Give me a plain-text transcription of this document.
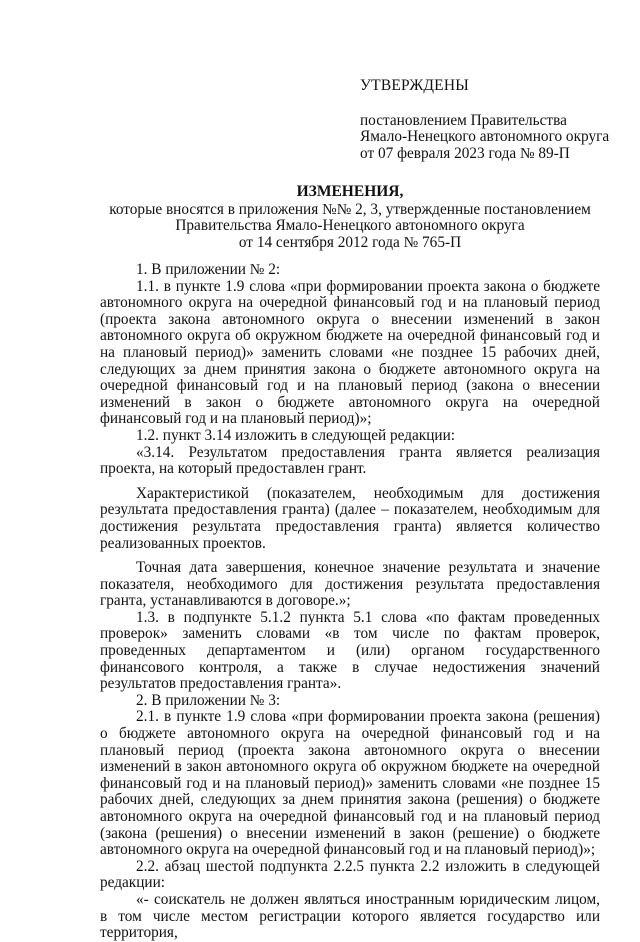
УТВЕРЖДЕНЫ
постановлением Правительства
Ямало-Ненецкого автономного округа
от 07 февраля 2023 года № 89-П
ИЗМЕНЕНИЯ,
которые вносятся в приложения №№ 2, 3, утвержденные постановлением
Правительства Ямало-Ненецкого автономного округа
от 14 сентября 2012 года № 765-П

1. В приложении № 2:

1.1. в пункте 1.9 слова «при формировании проекта закона о бюджете автономного округа на очередной финансовый год и на плановый период (проекта закона автономного округа о внесении изменений в закон автономного округа об окружном бюджете на очередной финансовый год и на плановый период)» заменить словами «не позднее 15 рабочих дней, следующих за днем принятия закона о бюджете автономного округа на очередной финансовый год и на плановый период (закона о внесении изменений в закон о бюджете автономного округа на очередной финансовый год и на плановый период)»;

1.2. пункт 3.14 изложить в следующей редакции:

«3.14. Результатом предоставления гранта является реализация проекта, на который предоставлен грант.

Характеристикой (показателем, необходимым для достижения результата предоставления гранта) (далее – показателем, необходимым для достижения результата предоставления гранта) является количество реализованных проектов.

Точная дата завершения, конечное значение результата и значение показателя, необходимого для достижения результата предоставления гранта, устанавливаются в договоре.»;

1.3. в подпункте 5.1.2 пункта 5.1 слова «по фактам проведенных проверок» заменить словами «в том числе по фактам проверок, проведенных департаментом и (или) органом государственного финансового контроля, а также в случае недостижения значений результатов предоставления гранта».

2. В приложении № 3:

2.1. в пункте 1.9 слова «при формировании проекта закона (решения) о бюджете автономного округа на очередной финансовый год и на плановый период (проекта закона автономного округа о внесении изменений в закон автономного округа об окружном бюджете на очередной финансовый год и на плановый период)» заменить словами «не позднее 15 рабочих дней, следующих за днем принятия закона (решения) о бюджете автономного округа на очередной финансовый год и на плановый период (закона (решения) о внесении изменений в закон (решение) о бюджете автономного округа на очередной финансовый год и на плановый период)»;

2.2. абзац шестой подпункта 2.2.5 пункта 2.2 изложить в следующей редакции:

«- соискатель не должен являться иностранным юридическим лицом, в том числе местом регистрации которого является государство или территория,
